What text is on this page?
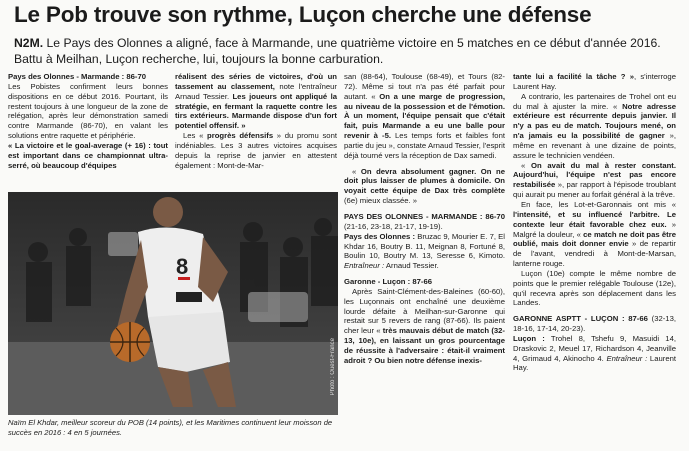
Le Pob trouve son rythme, Luçon cherche une défense
N2M. Le Pays des Olonnes a aligné, face à Marmande, une quatrième victoire en 5 matches en ce début d'année 2016. Battu à Meilhan, Luçon recherche, lui, toujours la bonne carburation.

Pays des Olonnes - Marmande : 86-70

Les Pobistes confirment leurs bonnes dispositions en ce début 2016. Pourtant, ils restent toujours à une longueur de la zone de relégation, après leur démonstration samedi contre Marmande (86-70), en valant les solutions entre raquette et périphérie.

« La victoire et le goal-average (+ 16) : tout est important dans ce championnat ultra-serré, où beaucoup d'équipes

réalisent des séries de victoires, d'où un tassement au classement, note l'entraîneur Arnaud Tessier. Les joueurs ont appliqué la stratégie, en fermant la raquette contre les tirs extérieurs. Marmande dispose d'un fort potentiel offensif. »

Les « progrès défensifs » du promu sont indéniables. Les 3 autres victoires acquises depuis la reprise de janvier en attestent également : Mont-de-Mar-

san (88-64), Toulouse (68-49), et Tours (82-72). Même si tout n'a pas été parfait pour autant. « On a une marge de progression, au niveau de la possession et de l'émotion. À un moment, l'équipe pensait que c'était fait, puis Marmande a eu une balle pour revenir à -5. Les temps forts et faibles font partie du jeu », constate Arnaud Tessier, l'esprit déjà tourné vers la réception de Dax samedi.

« On devra absolument gagner. On ne doit plus laisser de plumes à domicile. On voyait cette équipe de Dax très complète (6e) mieux classée. »

PAYS DES OLONNES - MARMANDE : 86-70 (21-16, 23-18, 21-17, 19-19).
Pays des Olonnes : Bruzac 9, Mourier E. 7, El Khdar 16, Boutry B. 11, Meignan 8, Fortuné 8, Boulin 10, Boutry M. 13, Seresse 6, Kimoto. Entraîneur : Arnaud Tessier.

Garonne - Luçon : 87-66

Après Saint-Clément-des-Baleines (60-60), les Luçonnais ont enchaîné une deuxième lourde défaite à Meilhan-sur-Garonne qui restait sur 5 revers de rang (87-66). Ils paient cher leur « très mauvais début de match (32-13, 10e), en laissant un gros pourcentage de réussite à l'adversaire : était-il vraiment adroit ? Ou bien notre défense inexis-

tante lui a facilité la tâche ? », s'interroge Laurent Hay.

A contrario, les partenaires de Trohel ont eu du mal à ajuster la mire. « Notre adresse extérieure est récurrente depuis janvier. Il n'y a pas eu de match. Toujours mené, on n'a jamais eu la possibilité de gagner », même en revenant à une dizaine de points, assure le technicien vendéen.

« On avait du mal à rester constant. Aujourd'hui, l'équipe n'est pas encore restabilisée », par rapport à l'épisode troublant qui aurait pu mener au forfait général à la trêve.

En face, les Lot-et-Garonnais ont mis « l'intensité, et su influencé l'arbitre. Le contexte leur était favorable chez eux. » Malgré la douleur, « ce match ne doit pas être oublié, mais doit donner envie » de repartir de l'avant, vendredi à Mont-de-Marsan, lanterne rouge.

Luçon (10e) compte le même nombre de points que le premier relégable Toulouse (12e), qu'il recevra après son déplacement dans les Landes.

GARONNE ASPTT - LUÇON : 87-66 (32-13, 18-16, 17-14, 20-23).
Luçon : Trohel 8, Tshefu 9, Masuidi 14, Draskovic 2, Meuel 17, Richardson 4, Jeanville 4, Grimaud 4, Akinocho 4. Entraîneur : Laurent Hay.

8
Photo : Ouest-France
Naïm El Khdar, meilleur scoreur du POB (14 points), et les Maritimes continuent leur moisson de succès en 2016 : 4 en 5 journées.
